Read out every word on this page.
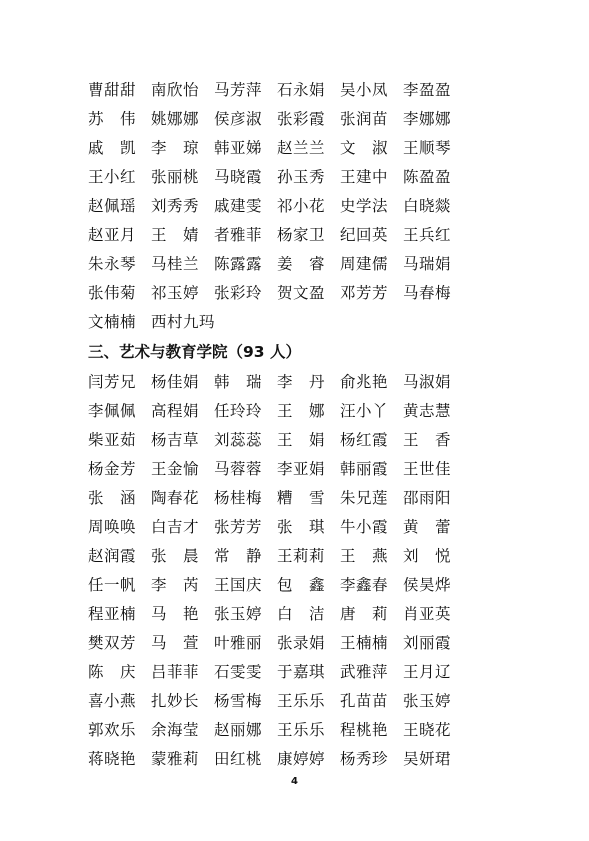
曹甜甜 南欣怡 马芳萍 石永娟 吴小凤 李盈盈
苏　伟 姚娜娜 侯彦淑 张彩霞 张润苗 李娜娜
戚　凯 李　琼 韩亚娣 赵兰兰 文　淑 王顺琴
王小红 张丽桃 马晓霞 孙玉秀 王建中 陈盈盈
赵佩瑶 刘秀秀 戚建雯 祁小花 史学法 白晓燚
赵亚月 王　婧 者雅菲 杨家卫 纪回英 王兵红
朱永琴 马桂兰 陈露露 姜　睿 周建儒 马瑞娟
张伟菊 祁玉婷 张彩玲 贺文盈 邓芳芳 马春梅
文楠楠 西村九玛
三、艺术与教育学院（93 人）
闫芳兄 杨佳娟 韩　瑞 李　丹 俞兆艳 马淑娟
李佩佩 高程娟 任玲玲 王　娜 汪小丫 黄志慧
柴亚茹 杨吉草 刘蕊蕊 王　娟 杨红霞 王　香
杨金芳 王金愉 马蓉蓉 李亚娟 韩丽霞 王世佳
张　涵 陶春花 杨桂梅 糟　雪 朱兄莲 邵雨阳
周唤唤 白吉才 张芳芳 张　琪 牛小霞 黄　蕾
赵润霞 张　晨 常　静 王莉莉 王　燕 刘　悦
任一帆 李　芮 王国庆 包　鑫 李鑫春 侯昊烨
程亚楠 马　艳 张玉婷 白　洁 唐　莉 肖亚英
樊双芳 马　萱 叶雅丽 张录娟 王楠楠 刘丽霞
陈　庆 吕菲菲 石雯雯 于嘉琪 武雅萍 王月辽
喜小燕 扎妙长 杨雪梅 王乐乐 孔苗苗 张玉婷
郭欢乐 余海莹 赵丽娜 王乐乐 程桃艳 王晓花
蒋晓艳 蒙雅莉 田红桃 康婷婷 杨秀珍 吴妍珺
4
